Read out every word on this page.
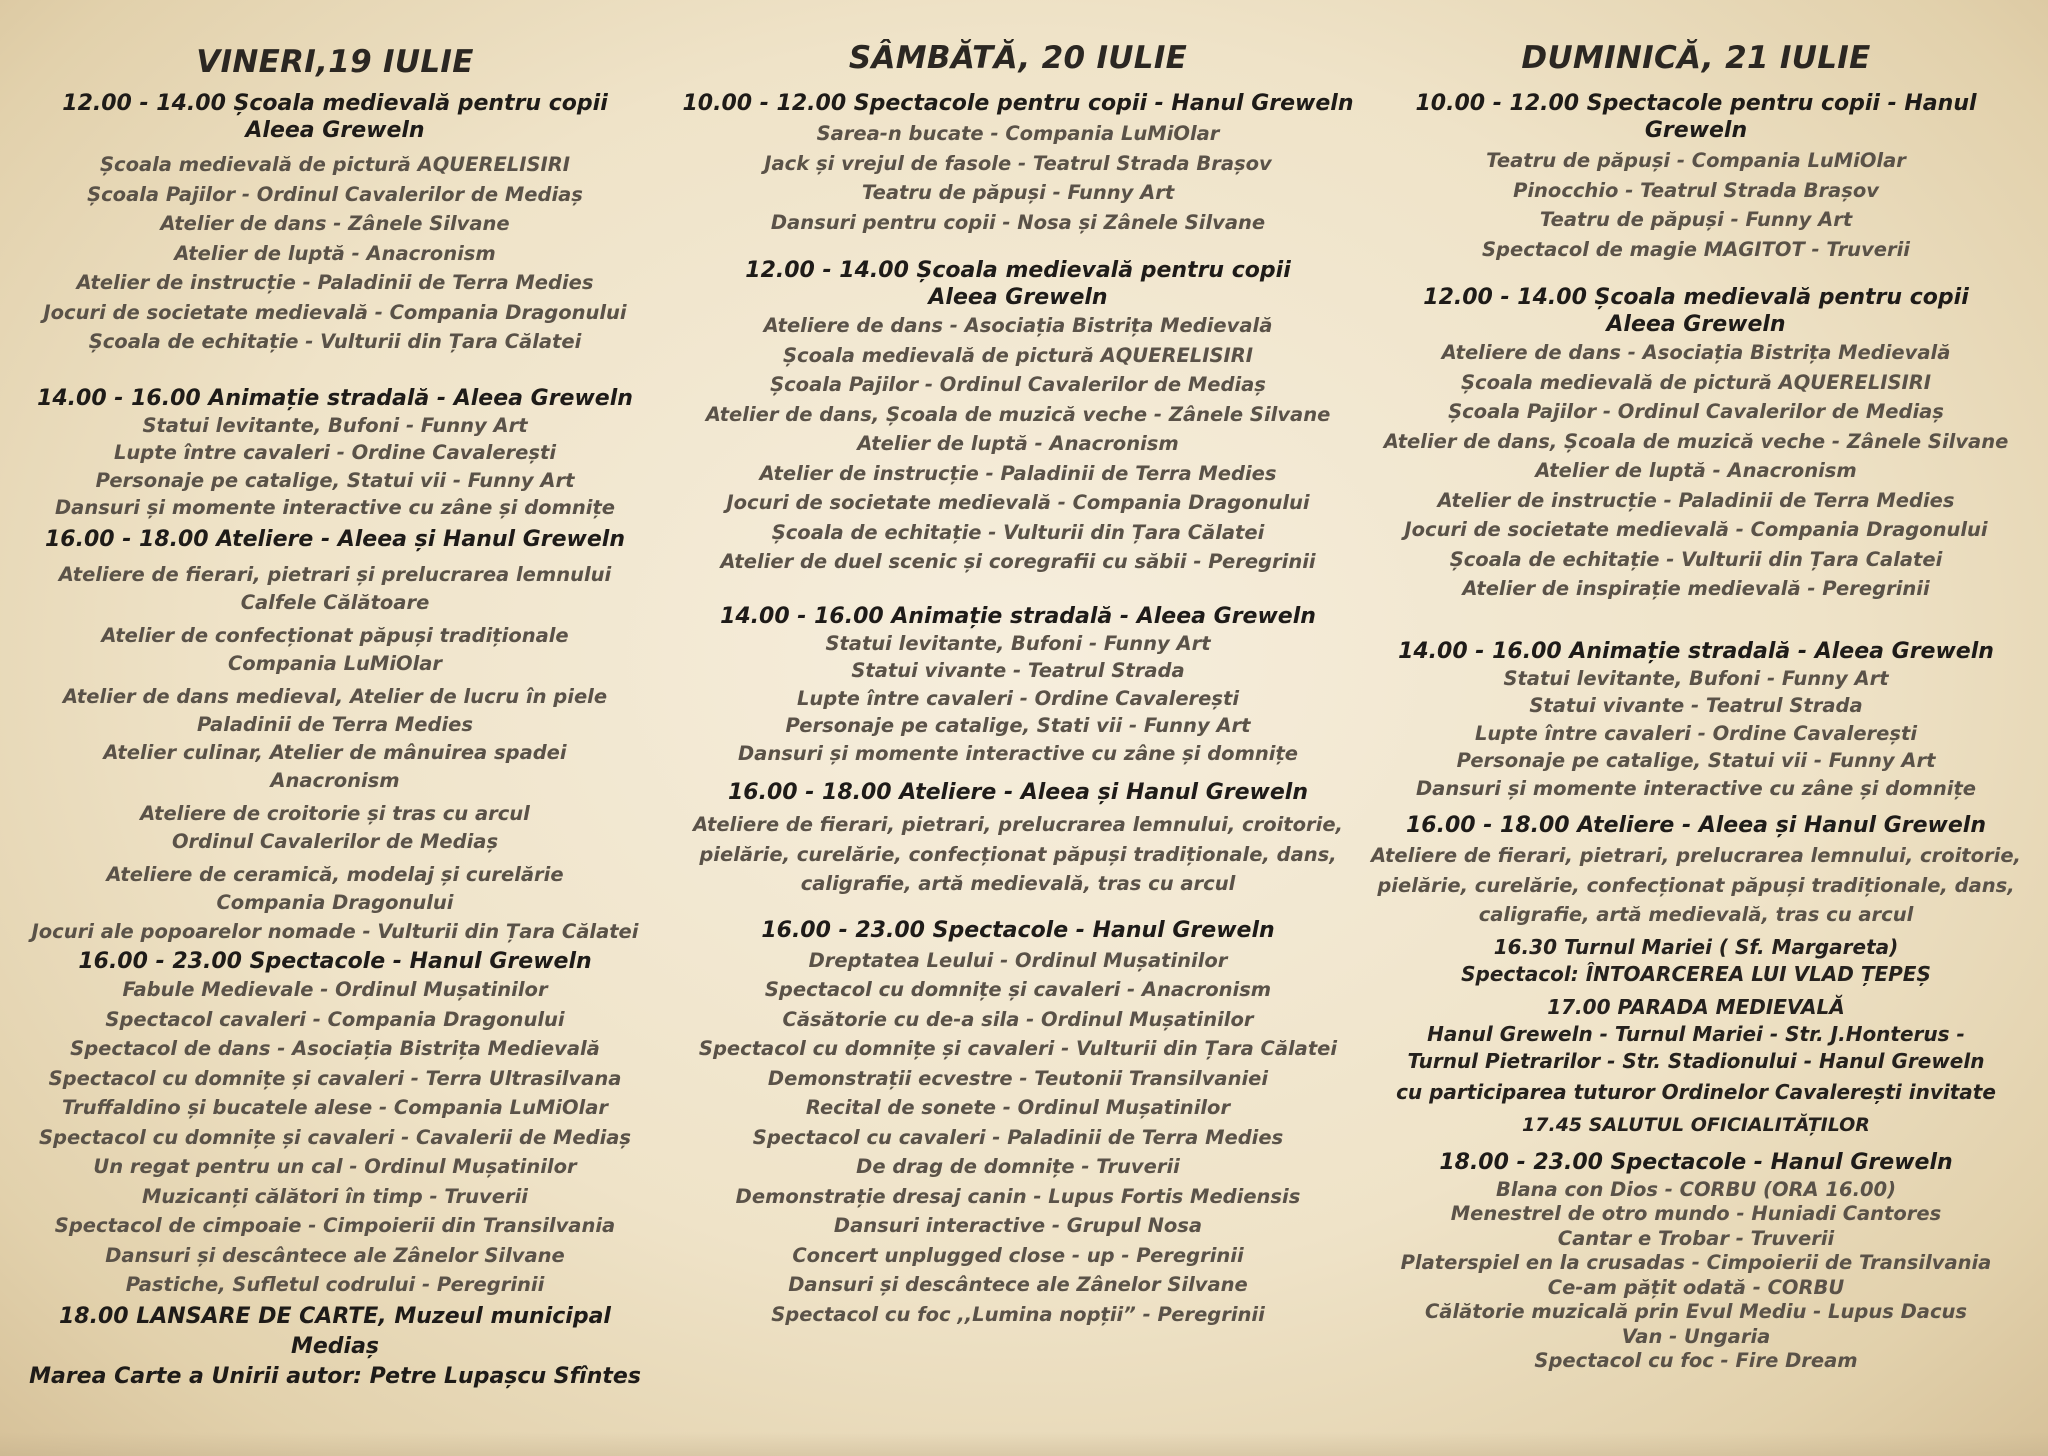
VINERI,19 IULIE
12.00 - 14.00 Școala medievală pentru copii
Aleea Greweln
Școala medievală de pictură AQUERELISIRI
Școala Pajilor - Ordinul Cavalerilor de Mediaș
Atelier de dans - Zânele Silvane
Atelier de luptă - Anacronism
Atelier de instrucție - Paladinii de Terra Medies
Jocuri de societate medievală - Compania Dragonului
Școala de echitație - Vulturii din Țara Călatei
14.00 - 16.00 Animație stradală - Aleea Greweln
Statui levitante, Bufoni - Funny Art
Lupte între cavaleri - Ordine Cavalerești
Personaje pe catalige, Statui vii - Funny Art
Dansuri și momente interactive cu zâne și domnițe
16.00 - 18.00 Ateliere - Aleea și Hanul Greweln
Ateliere de fierari, pietrari și prelucrarea lemnului
Calfele Călătoare
Atelier de confecționat păpuși tradiționale
Compania LuMiOlar
Atelier de dans medieval, Atelier de lucru în piele
Paladinii de Terra Medies
Atelier culinar, Atelier de mânuirea spadei
Anacronism
Ateliere de croitorie și tras cu arcul
Ordinul Cavalerilor de Mediaș
Ateliere de ceramică, modelaj și curelărie
Compania Dragonului
Jocuri ale popoarelor nomade - Vulturii din Țara Călatei
16.00 - 23.00 Spectacole - Hanul Greweln
Fabule Medievale - Ordinul Mușatinilor
Spectacol cavaleri - Compania Dragonului
Spectacol de dans - Asociația Bistrița Medievală
Spectacol cu domnițe și cavaleri - Terra Ultrasilvana
Truffaldino și bucatele alese - Compania LuMiOlar
Spectacol cu domnițe și cavaleri - Cavalerii de Mediaș
Un regat pentru un cal - Ordinul Mușatinilor
Muzicanți călători în timp - Truverii
Spectacol de cimpoaie - Cimpoierii din Transilvania
Dansuri și descântece ale Zânelor Silvane
Pastiche, Sufletul codrului - Peregrinii
18.00 LANSARE DE CARTE, Muzeul municipal Mediaș
Marea Carte a Unirii autor: Petre Lupașcu Sfîntes
SÂMBĂTĂ, 20 IULIE
10.00 - 12.00 Spectacole pentru copii - Hanul Greweln
Sarea-n bucate - Compania LuMiOlar
Jack și vrejul de fasole - Teatrul Strada Brașov
Teatru de păpuși - Funny Art
Dansuri pentru copii - Nosa și Zânele Silvane
12.00 - 14.00 Școala medievală pentru copii
Aleea Greweln
Ateliere de dans - Asociația Bistrița Medievală
Școala medievală de pictură AQUERELISIRI
Școala Pajilor - Ordinul Cavalerilor de Mediaș
Atelier de dans, Școala de muzică veche - Zânele Silvane
Atelier de luptă - Anacronism
Atelier de instrucție - Paladinii de Terra Medies
Jocuri de societate medievală - Compania Dragonului
Școala de echitație - Vulturii din Țara Călatei
Atelier de duel scenic și coregrafii cu săbii - Peregrinii
14.00 - 16.00 Animație stradală - Aleea Greweln
Statui levitante, Bufoni - Funny Art
Statui vivante - Teatrul Strada
Lupte între cavaleri - Ordine Cavalerești
Personaje pe catalige, Stati vii - Funny Art
Dansuri și momente interactive cu zâne și domnițe
16.00 - 18.00 Ateliere - Aleea și Hanul Greweln
Ateliere de fierari, pietrari, prelucrarea lemnului, croitorie,
pielărie, curelărie, confecționat păpuși tradiționale, dans,
caligrafie, artă medievală, tras cu arcul
16.00 - 23.00 Spectacole - Hanul Greweln
Dreptatea Leului - Ordinul Mușatinilor
Spectacol cu domnițe și cavaleri - Anacronism
Căsătorie cu de-a sila - Ordinul Mușatinilor
Spectacol cu domnițe și cavaleri - Vulturii din Țara Călatei
Demonstrații ecvestre - Teutonii Transilvaniei
Recital de sonete - Ordinul Mușatinilor
Spectacol cu cavaleri - Paladinii de Terra Medies
De drag de domnițe - Truverii
Demonstrație dresaj canin - Lupus Fortis Mediensis
Dansuri interactive - Grupul Nosa
Concert unplugged close - up - Peregrinii
Dansuri și descântece ale Zânelor Silvane
Spectacol cu foc ,,Lumina nopții” - Peregrinii
DUMINICĂ, 21 IULIE
10.00 - 12.00 Spectacole pentru copii - Hanul Greweln
Teatru de păpuși - Compania LuMiOlar
Pinocchio - Teatrul Strada Brașov
Teatru de păpuși - Funny Art
Spectacol de magie MAGITOT - Truverii
12.00 - 14.00 Școala medievală pentru copii
Aleea Greweln
Ateliere de dans - Asociația Bistrița Medievală
Școala medievală de pictură AQUERELISIRI
Școala Pajilor - Ordinul Cavalerilor de Mediaș
Atelier de dans, Școala de muzică veche - Zânele Silvane
Atelier de luptă - Anacronism
Atelier de instrucție - Paladinii de Terra Medies
Jocuri de societate medievală - Compania Dragonului
Școala de echitație - Vulturii din Țara Calatei
Atelier de inspirație medievală - Peregrinii
14.00 - 16.00 Animație stradală - Aleea Greweln
Statui levitante, Bufoni - Funny Art
Statui vivante - Teatrul Strada
Lupte între cavaleri - Ordine Cavalerești
Personaje pe catalige, Statui vii - Funny Art
Dansuri și momente interactive cu zâne și domnițe
16.00 - 18.00 Ateliere - Aleea și Hanul Greweln
Ateliere de fierari, pietrari, prelucrarea lemnului, croitorie,
pielărie, curelărie, confecționat păpuși tradiționale, dans,
caligrafie, artă medievală, tras cu arcul
16.30 Turnul Mariei ( Sf. Margareta)
Spectacol: ÎNTOARCEREA LUI VLAD ȚEPEȘ
17.00 PARADA MEDIEVALĂ
Hanul Greweln - Turnul Mariei - Str. J.Honterus -
Turnul Pietrarilor - Str. Stadionului - Hanul Greweln
cu participarea tuturor Ordinelor Cavalerești invitate
17.45 SALUTUL OFICIALITĂȚILOR
18.00 - 23.00 Spectacole - Hanul Greweln
Blana con Dios - CORBU (ORA 16.00)
Menestrel de otro mundo - Huniadi Cantores
Cantar e Trobar - Truverii
Platerspiel en la crusadas - Cimpoierii de Transilvania
Ce-am pățit odată - CORBU
Călătorie muzicală prin Evul Mediu - Lupus Dacus
Van - Ungaria
Spectacol cu foc - Fire Dream
